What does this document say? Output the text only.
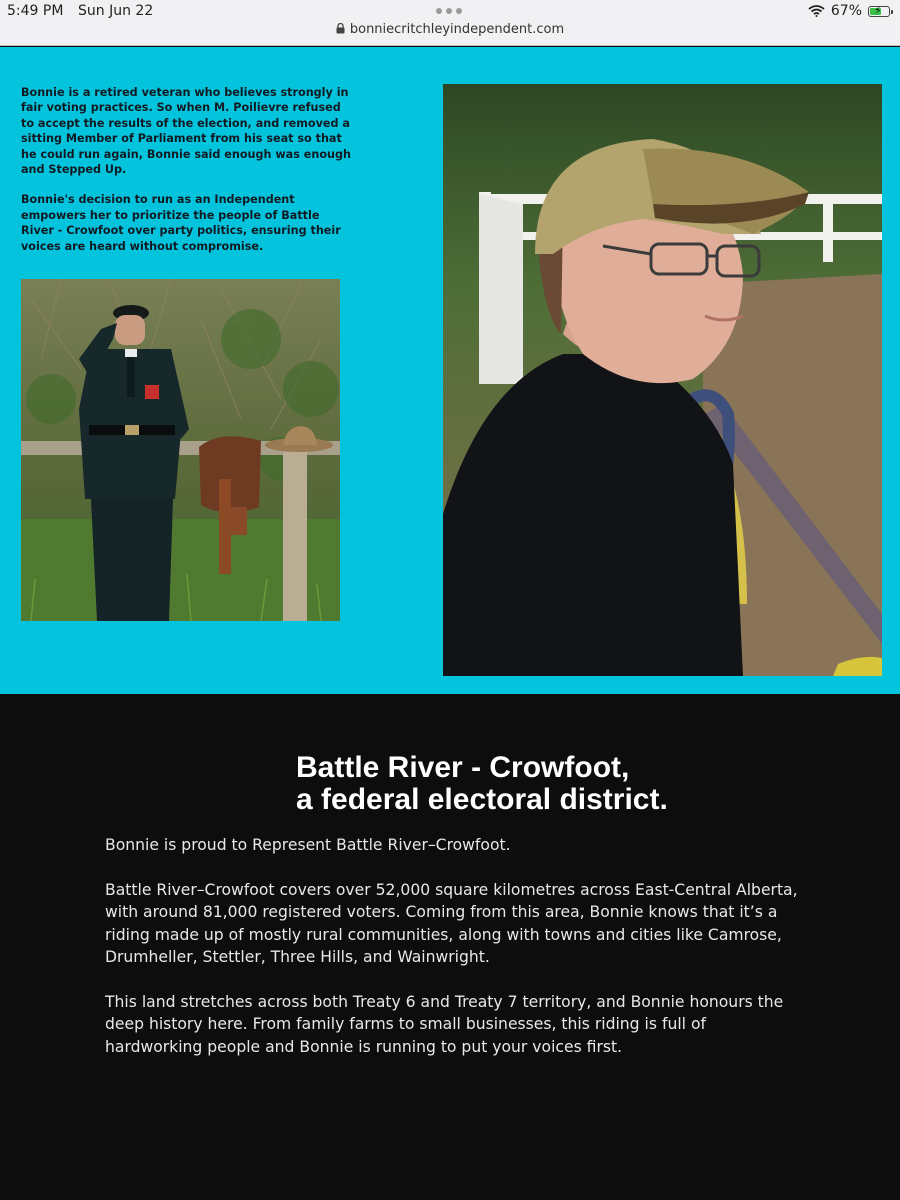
5:49 PM Sun Jun 22
bonniecritchleyindependent.com
67% ⚡

Bonnie is a retired veteran who believes strongly in fair voting practices. So when M. Poilievre refused to accept the results of the election, and removed a sitting Member of Parliament from his seat so that he could run again, Bonnie said enough was enough and Stepped Up.

Bonnie's decision to run as an Independent empowers her to prioritize the people of Battle River - Crowfoot over party politics, ensuring their voices are heard without compromise.

Battle River - Crowfoot,
a federal electoral district.

Bonnie is proud to Represent Battle River–Crowfoot.

Battle River–Crowfoot covers over 52,000 square kilometres across East-Central Alberta, with around 81,000 registered voters. Coming from this area, Bonnie knows that it’s a riding made up of mostly rural communities, along with towns and cities like Camrose, Drumheller, Stettler, Three Hills, and Wainwright.

This land stretches across both Treaty 6 and Treaty 7 territory, and Bonnie honours the deep history here. From family farms to small businesses, this riding is full of hardworking people and Bonnie is running to put your voices first.
